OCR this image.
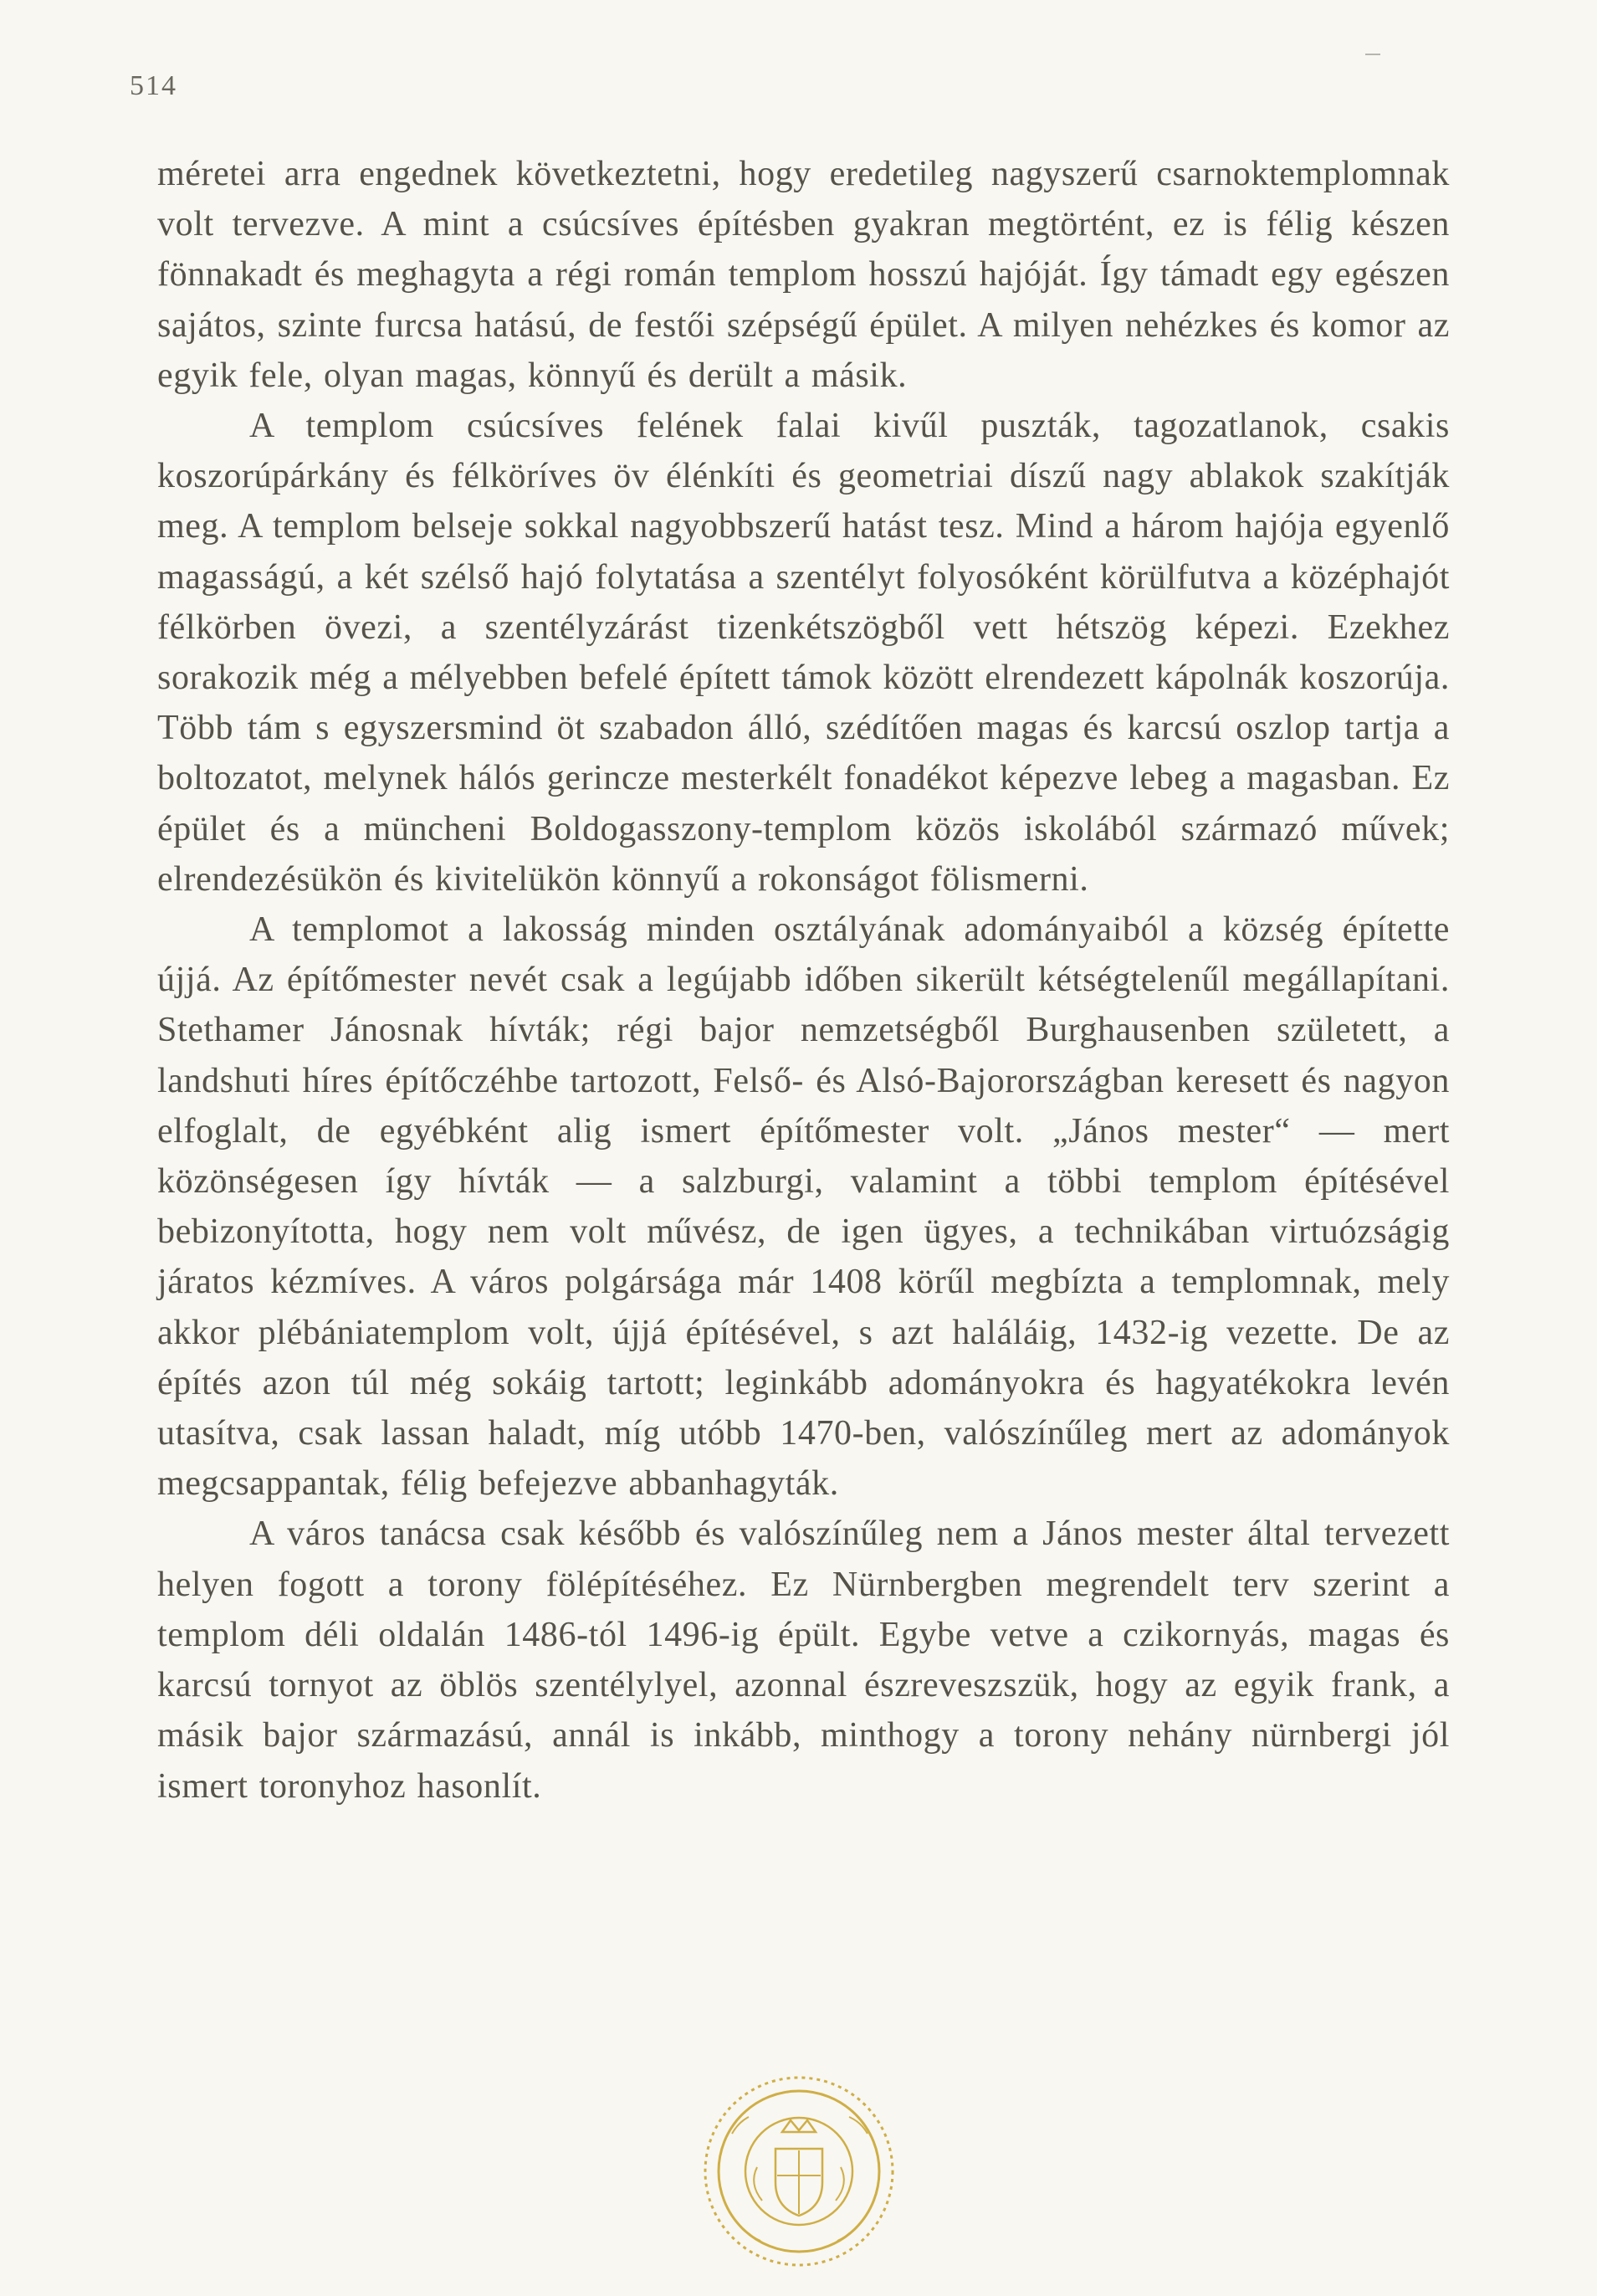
514

méretei arra engednek következtetni, hogy eredetileg nagyszerű csarnoktemplomnak volt tervezve. A mint a csúcsíves építésben gyakran megtörtént, ez is félig készen fönnakadt és meghagyta a régi román templom hosszú hajóját. Így támadt egy egészen sajátos, szinte furcsa hatású, de festői szépségű épület. A milyen nehézkes és komor az egyik fele, olyan magas, könnyű és derült a másik.

A templom csúcsíves felének falai kivűl puszták, tagozatlanok, csakis koszorúpárkány és félköríves öv élénkíti és geometriai díszű nagy ablakok szakítják meg. A templom belseje sokkal nagyobbszerű hatást tesz. Mind a három hajója egyenlő magasságú, a két szélső hajó folytatása a szentélyt folyosóként körülfutva a középhajót félkörben övezi, a szentélyzárást tizenkétszögből vett hétszög képezi. Ezekhez sorakozik még a mélyebben befelé épített támok között elrendezett kápolnák koszorúja. Több tám s egyszersmind öt szabadon álló, szédítően magas és karcsú oszlop tartja a boltozatot, melynek hálós gerincze mesterkélt fonadékot képezve lebeg a magasban. Ez épület és a müncheni Boldogasszony-templom közös iskolából származó művek; elrendezésükön és kivitelükön könnyű a rokonságot fölismerni.

A templomot a lakosság minden osztályának adományaiból a község építette újjá. Az építőmester nevét csak a legújabb időben sikerült kétségtelenűl megállapítani. Stethamer Jánosnak hívták; régi bajor nemzetségből Burghausenben született, a landshuti híres építőczéhbe tartozott, Felső- és Alsó-Bajorországban keresett és nagyon elfoglalt, de egyébként alig ismert építőmester volt. „János mester“ — mert közönségesen így hívták — a salzburgi, valamint a többi templom építésével bebizonyította, hogy nem volt művész, de igen ügyes, a technikában virtuózságig járatos kézmíves. A város polgársága már 1408 körűl megbízta a templomnak, mely akkor plébániatemplom volt, újjá építésével, s azt haláláig, 1432-ig vezette. De az építés azon túl még sokáig tartott; leginkább adományokra és hagyatékokra levén utasítva, csak lassan haladt, míg utóbb 1470-ben, valószínűleg mert az adományok megcsappantak, félig befejezve abbanhagyták.

A város tanácsa csak később és valószínűleg nem a János mester által tervezett helyen fogott a torony fölépítéséhez. Ez Nürnbergben megrendelt terv szerint a templom déli oldalán 1486-tól 1496-ig épült. Egybe vetve a czikornyás, magas és karcsú tornyot az öblös szentélylyel, azonnal észreveszszük, hogy az egyik frank, a másik bajor származású, annál is inkább, minthogy a torony nehány nürnbergi jól ismert toronyhoz hasonlít.
